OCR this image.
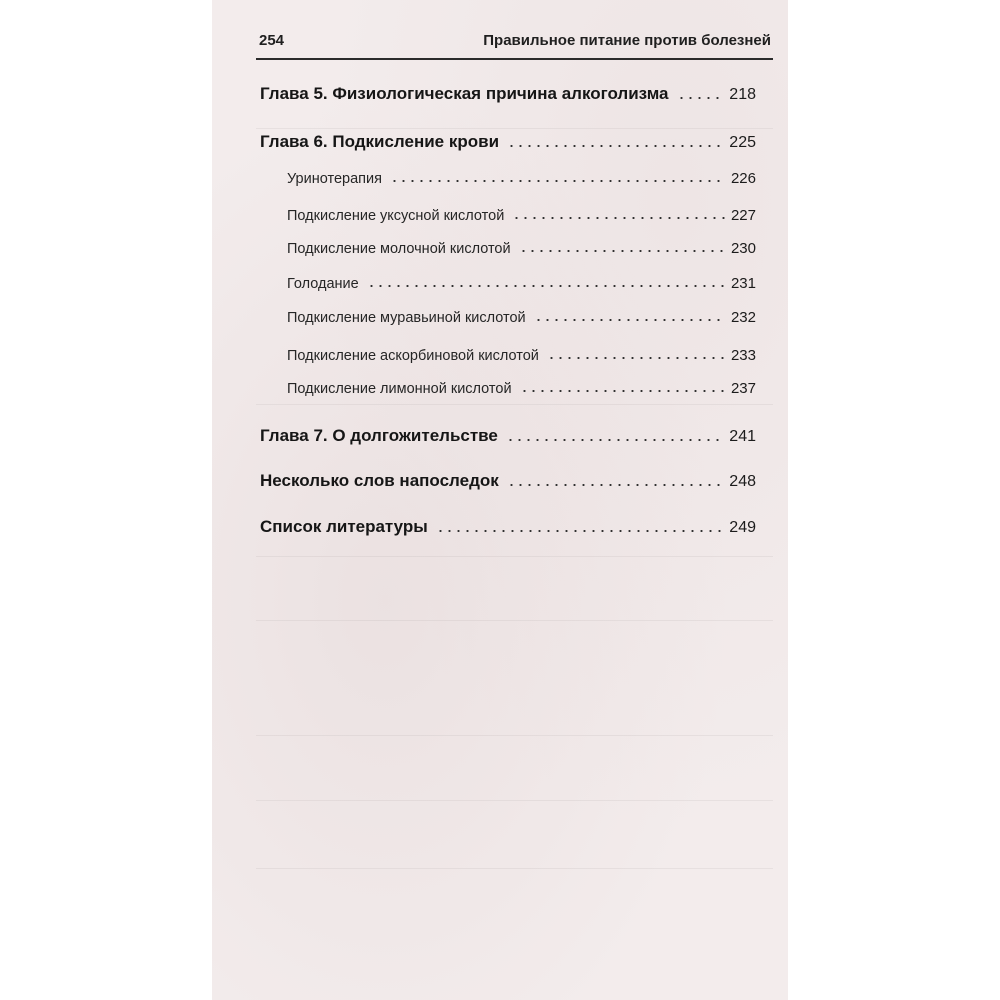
254	Правильное питание против болезней
Глава 5. Физиологическая причина алкоголизма	218
Глава 6. Подкисление крови	225
Уринотерапия	226
Подкисление уксусной кислотой	227
Подкисление молочной кислотой	230
Голодание	231
Подкисление муравьиной кислотой	232
Подкисление аскорбиновой кислотой	233
Подкисление лимонной кислотой	237
Глава 7. О долгожительстве	241
Несколько слов напоследок	248
Список литературы	249
